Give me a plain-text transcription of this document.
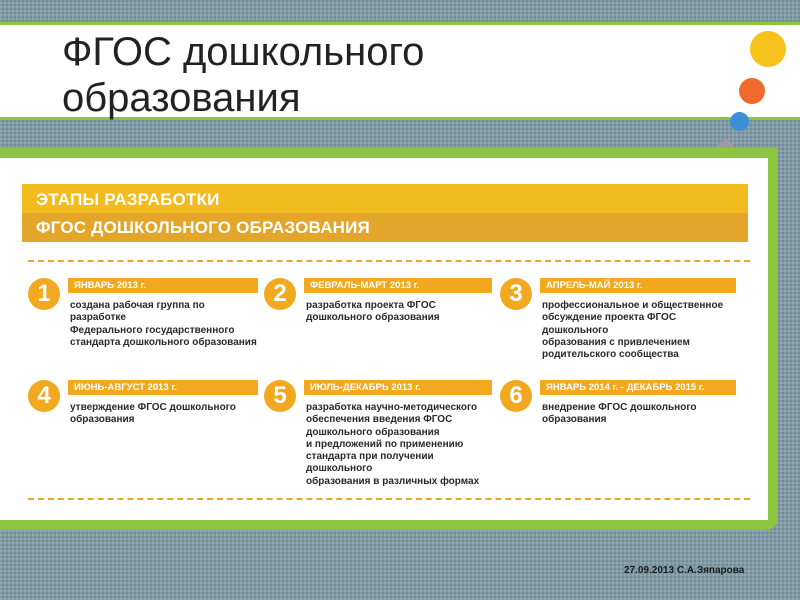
ФГОС дошкольного
образования
ЭТАПЫ РАЗРАБОТКИ
ФГОС ДОШКОЛЬНОГО ОБРАЗОВАНИЯ
1	ЯНВАРЬ 2013 г.
создана рабочая группа по разработке
Федерального государственного
стандарта дошкольного образования
2	ФЕВРАЛЬ-МАРТ 2013 г.
разработка проекта ФГОС
дошкольного образования
3	АПРЕЛЬ-МАЙ 2013 г.
профессиональное и общественное
обсуждение проекта ФГОС дошкольного
образования с привлечением
родительского сообщества
4	ИЮНЬ-АВГУСТ 2013 г.
утверждение ФГОС дошкольного
образования
5	ИЮЛЬ-ДЕКАБРЬ 2013 г.
разработка научно-методического
обеспечения введения ФГОС
дошкольного образования
и предложений по применению
стандарта при получении дошкольного
образования в различных формах
6	ЯНВАРЬ 2014 г. - ДЕКАБРЬ 2015 г.
внедрение ФГОС дошкольного
образования
27.09.2013 С.А.Зяпарова
